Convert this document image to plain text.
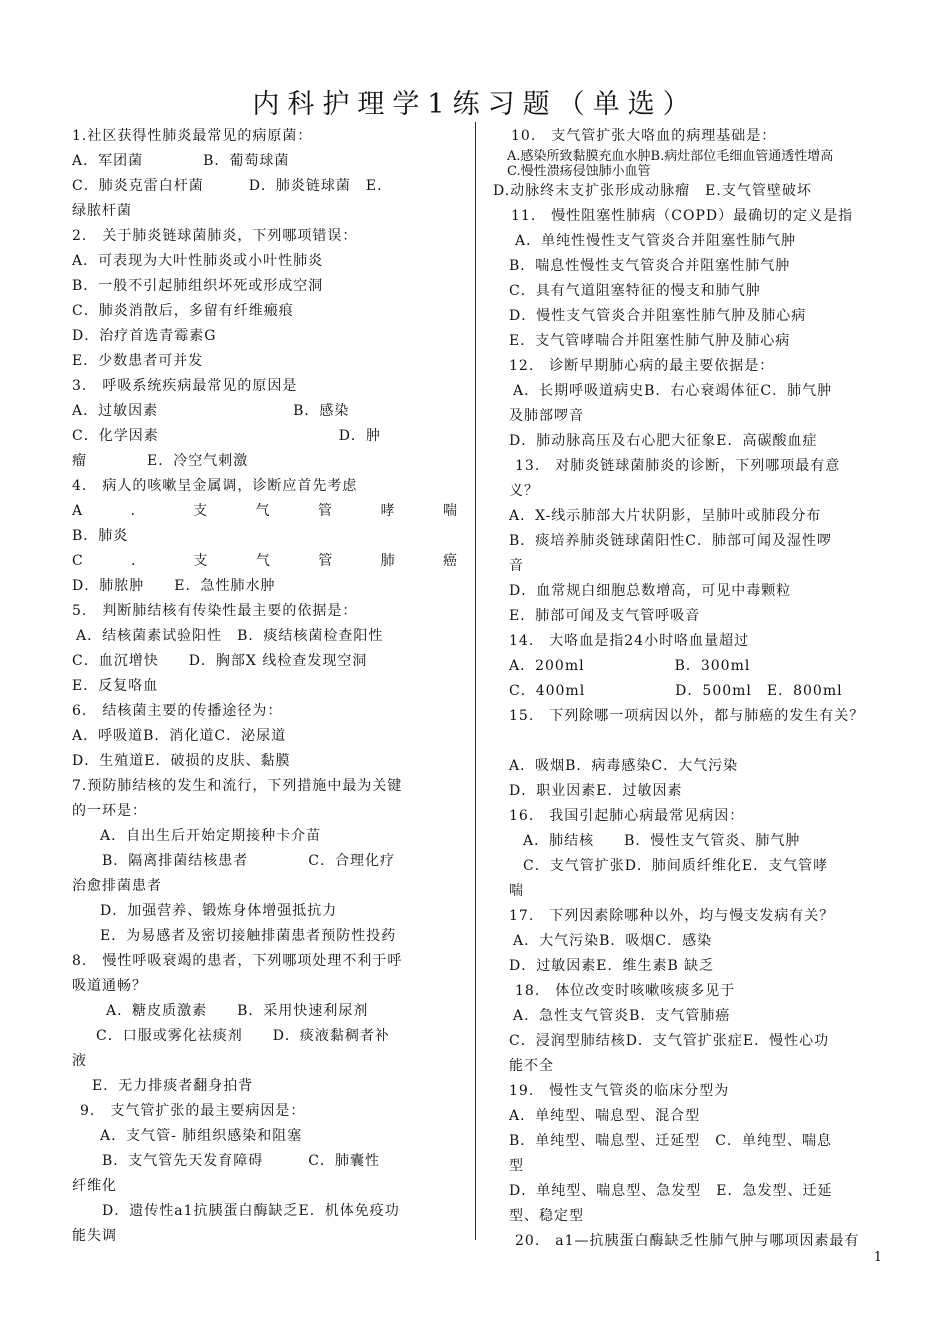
内科护理学1练习题（单选）
1.社区获得性肺炎最常见的病原菌：
A．军团菌　　　　B．葡萄球菌
C．肺炎克雷白杆菌　　　D．肺炎链球菌　E．
绿脓杆菌
2.　关于肺炎链球菌肺炎，下列哪项错误：
A．可表现为大叶性肺炎或小叶性肺炎
B．一般不引起肺组织坏死或形成空洞
C．肺炎消散后，多留有纤维瘢痕
D．治疗首选青霉素G
E．少数患者可并发
3.　呼吸系统疾病最常见的原因是
A．过敏因素　　　　　　　　　B．感染
C．化学因素　　　　　　　　　　　　D．肿
瘤　　　　E．冷空气刺激
4.　病人的咳嗽呈金属调，诊断应首先考虑
A	．	支	气	管	哮	喘
B．肺炎
C	．	支	气	管	肺	癌
D．肺脓肿　　E．急性肺水肿
5.　判断肺结核有传染性最主要的依据是：
A．结核菌素试验阳性　B．痰结核菌检查阳性
C．血沉增快　　D．胸部X 线检查发现空洞
E．反复咯血
6.　结核菌主要的传播途径为：
A．呼吸道B．消化道C．泌尿道
D．生殖道E．破损的皮肤、黏膜
7.预防肺结核的发生和流行，下列措施中最为关键
的一环是：
A．自出生后开始定期接种卡介苗
B．隔离排菌结核患者　　　　C．合理化疗
治愈排菌患者
D．加强营养、锻炼身体增强抵抗力
E．为易感者及密切接触排菌患者预防性投药
8.　慢性呼吸衰竭的患者，下列哪项处理不利于呼
吸道通畅？
A．糖皮质激素　　B．采用快速利尿剂
C．口服或雾化祛痰剂　　D．痰液黏稠者补
液
E．无力排痰者翻身拍背
9.　支气管扩张的最主要病因是：
A．支气管- 肺组织感染和阻塞
B．支气管先天发育障碍　　　C．肺囊性
纤维化
D．遗传性a1抗胰蛋白酶缺乏E．机体免疫功
能失调
10.　支气管扩张大咯血的病理基础是：
A.感染所致黏膜充血水肿B.病灶部位毛细血管通透性增高
C.慢性溃疡侵蚀肺小血管
D.动脉终末支扩张形成动脉瘤　E.支气管壁破坏
11.　慢性阻塞性肺病（COPD）最确切的定义是指
A．单纯性慢性支气管炎合并阻塞性肺气肿
B．喘息性慢性支气管炎合并阻塞性肺气肿
C．具有气道阻塞特征的慢支和肺气肿
D．慢性支气管炎合并阻塞性肺气肿及肺心病
E．支气管哮喘合并阻塞性肺气肿及肺心病
12.　诊断早期肺心病的最主要依据是：
A．长期呼吸道病史B．右心衰竭体征C．肺气肿
及肺部啰音
D．肺动脉高压及右心肥大征象E．高碳酸血症
13.　对肺炎链球菌肺炎的诊断，下列哪项最有意
义？
A．X-线示肺部大片状阴影，呈肺叶或肺段分布
B．痰培养肺炎链球菌阳性C．肺部可闻及湿性啰
音
D．血常规白细胞总数增高，可见中毒颗粒
E．肺部可闻及支气管呼吸音
14.　大咯血是指24小时咯血量超过
A．200ml　　　　　　B．300ml
C．400ml　　　　　　D．500ml　E．800ml
15.　下列除哪一项病因以外，都与肺癌的发生有关？
A．吸烟B．病毒感染C．大气污染
D．职业因素E．过敏因素
16.　我国引起肺心病最常见病因：
A．肺结核　　B．慢性支气管炎、肺气肿
C．支气管扩张D．肺间质纤维化E．支气管哮
喘
17.　下列因素除哪种以外，均与慢支发病有关？
A．大气污染B．吸烟C．感染
D．过敏因素E．维生素B 缺乏
18.　体位改变时咳嗽咳痰多见于
A．急性支气管炎B．支气管肺癌
C．浸润型肺结核D．支气管扩张症E．慢性心功
能不全
19.　慢性支气管炎的临床分型为
A．单纯型、喘息型、混合型
B．单纯型、喘息型、迁延型　C．单纯型、喘息
型
D．单纯型、喘息型、急发型　E．急发型、迁延
型、稳定型
20.　a1—抗胰蛋白酶缺乏性肺气肿与哪项因素最有
1
